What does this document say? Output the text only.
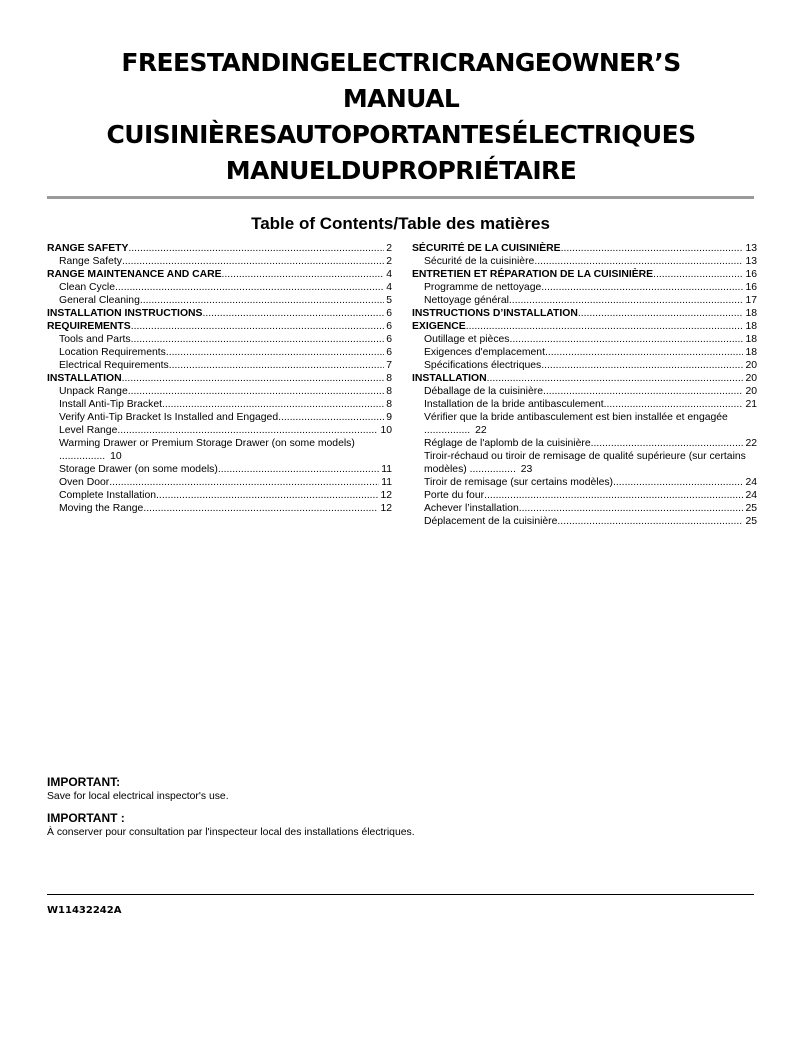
FREESTANDINGELECTRICRANGEOWNER’S
MANUAL
CUISINIÈRESAUTOPORTANTESÉLECTRIQUES
MANUELDUPROPRIÉTAIRE
Table of Contents/Table des matières
RANGE SAFETY .....	2
Range Safety .....	2
RANGE MAINTENANCE AND CARE .....	4
Clean Cycle .....	4
General Cleaning .....	5
INSTALLATION INSTRUCTIONS .....	6
REQUIREMENTS .....	6
Tools and Parts .....	6
Location Requirements .....	6
Electrical Requirements .....	7
INSTALLATION .....	8
Unpack Range .....	8
Install Anti-Tip Bracket .....	8
Verify Anti-Tip Bracket Is Installed and Engaged .....	9
Level Range .....	10
Warming Drawer or Premium Storage Drawer (on some models) ................ 10
Storage Drawer (on some models) .....	11
Oven Door .....	11
Complete Installation .....	12
Moving the Range .....	12
SÉCURITÉ DE LA CUISINIÈRE .....	13
Sécurité de la cuisinière .....	13
ENTRETIEN ET RÉPARATION DE LA CUISINIÈRE .....	16
Programme de nettoyage .....	16
Nettoyage général .....	17
INSTRUCTIONS D’INSTALLATION .....	18
EXIGENCE .....	18
Outillage et pièces .....	18
Exigences d'emplacement .....	18
Spécifications électriques .....	20
INSTALLATION .....	20
Déballage de la cuisinière .....	20
Installation de la bride antibasculement .....	21
Vérifier que la bride antibasculement est bien installée et engagée ................ 22
Réglage de l'aplomb de la cuisinière .....	22
Tiroir-réchaud ou tiroir de remisage de qualité supérieure (sur certains modèles) ................ 23
Tiroir de remisage (sur certains modèles) .....	24
Porte du four .....	24
Achever l’installation .....	25
Déplacement de la cuisinière .....	25
IMPORTANT:
Save for local electrical inspector's use.
IMPORTANT :
À conserver pour consultation par l'inspecteur local des installations électriques.
W11432242A
